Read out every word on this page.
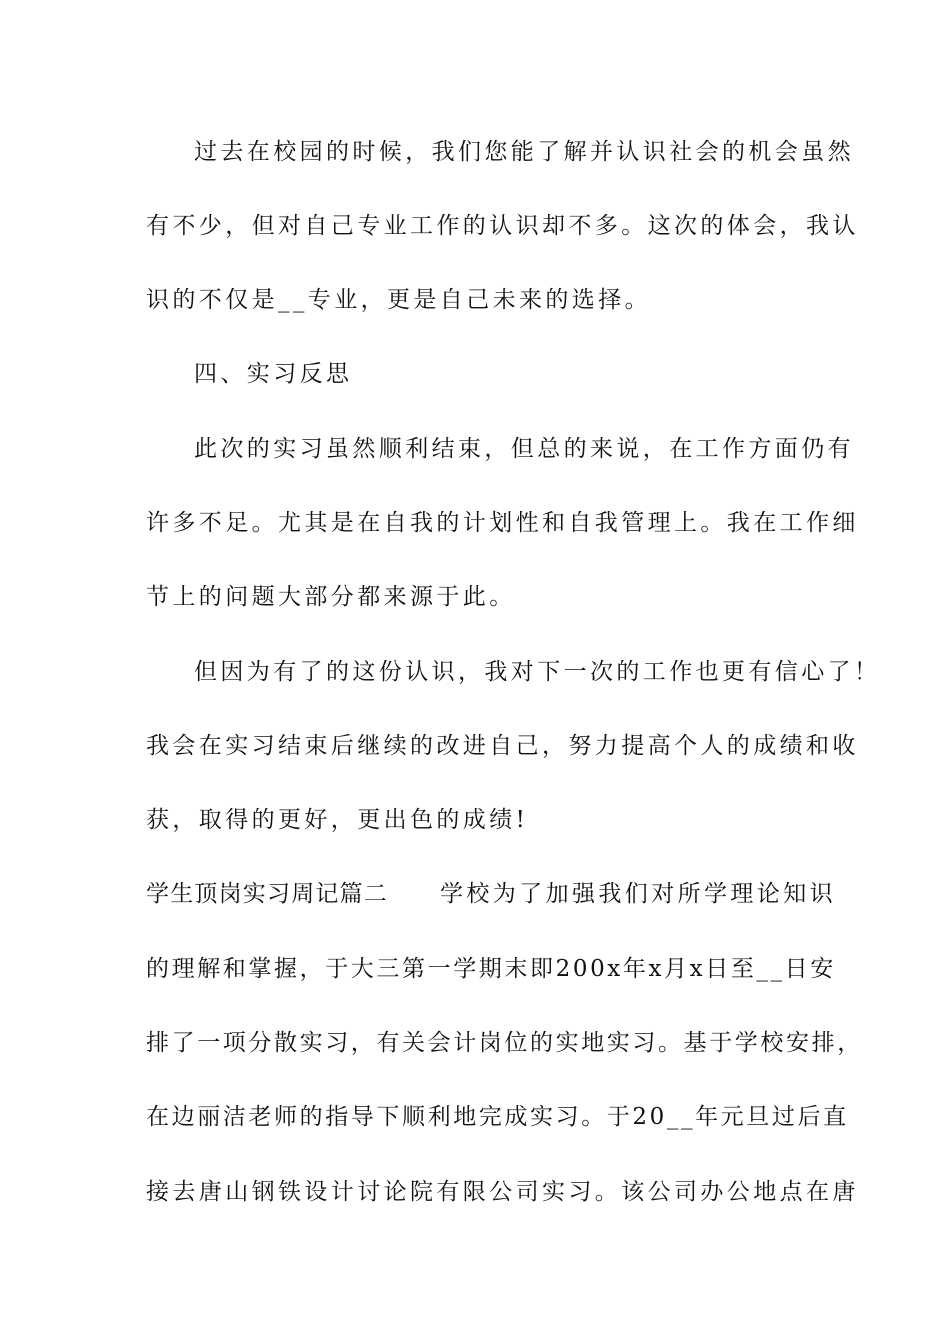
过去在校园的时候，我们您能了解并认识社会的机会虽然
有不少，但对自己专业工作的认识却不多。这次的体会，我认
识的不仅是__专业，更是自己未来的选择。
四、实习反思
此次的实习虽然顺利结束，但总的来说，在工作方面仍有
许多不足。尤其是在自我的计划性和自我管理上。我在工作细
节上的问题大部分都来源于此。
但因为有了的这份认识，我对下一次的工作也更有信心了！
我会在实习结束后继续的改进自己，努力提高个人的成绩和收
获，取得的更好，更出色的成绩!
学生顶岗实习周记篇二 学校为了加强我们对所学理论知识
的理解和掌握，于大三第一学期末即200x年x月x日至__日安
排了一项分散实习，有关会计岗位的实地实习。基于学校安排，
在边丽洁老师的指导下顺利地完成实习。于20__年元旦过后直
接去唐山钢铁设计讨论院有限公司实习。该公司办公地点在唐
